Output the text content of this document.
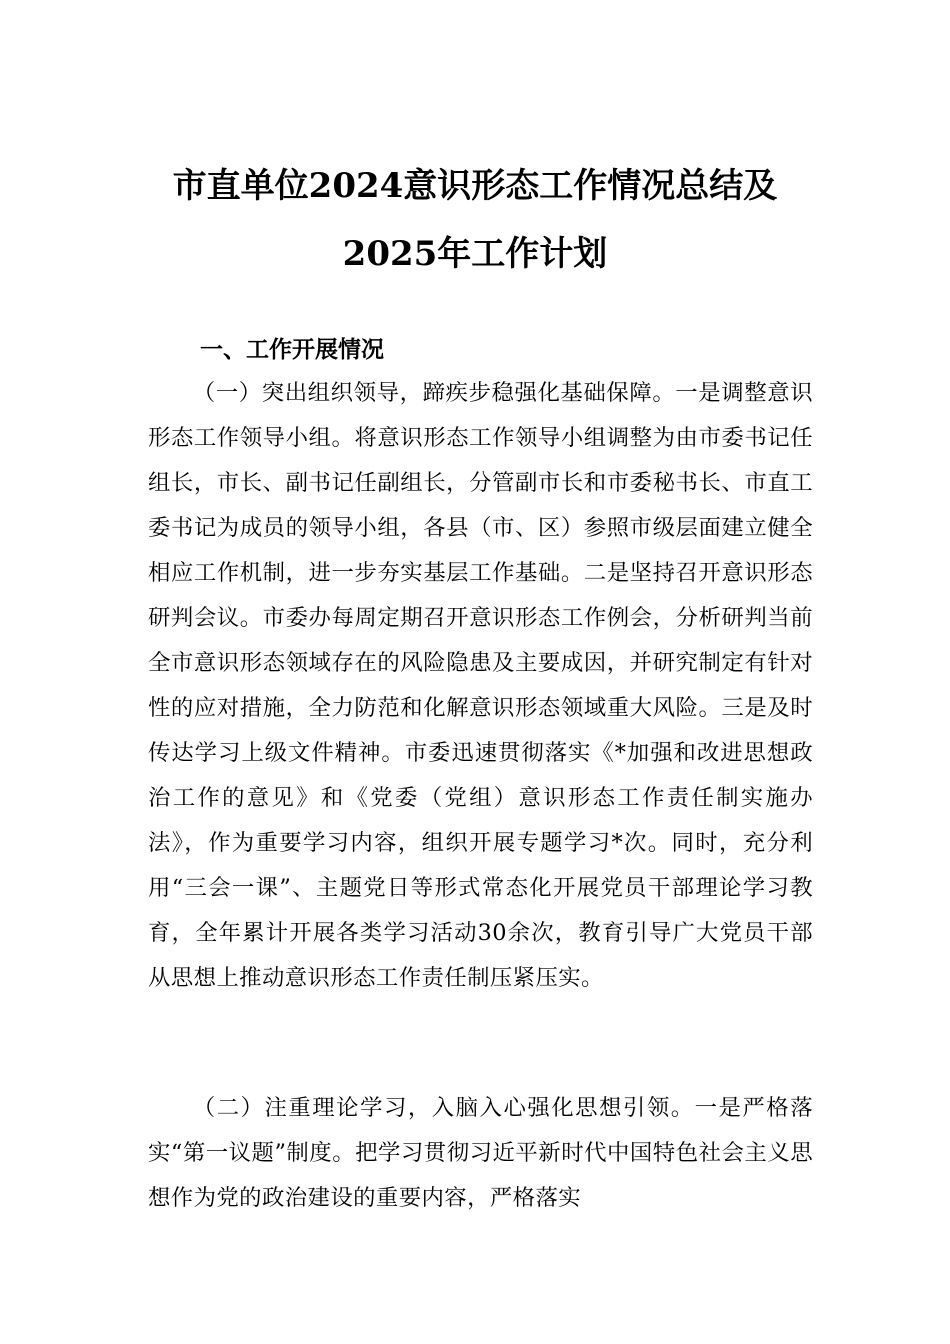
市直单位2024意识形态工作情况总结及
2025年工作计划
一、工作开展情况

（一）突出组织领导，蹄疾步稳强化基础保障。一是调整意识形态工作领导小组。将意识形态工作领导小组调整为由市委书记任组长，市长、副书记任副组长，分管副市长和市委秘书长、市直工委书记为成员的领导小组，各县（市、区）参照市级层面建立健全相应工作机制，进一步夯实基层工作基础。二是坚持召开意识形态研判会议。市委办每周定期召开意识形态工作例会，分析研判当前全市意识形态领域存在的风险隐患及主要成因，并研究制定有针对性的应对措施，全力防范和化解意识形态领域重大风险。三是及时传达学习上级文件精神。市委迅速贯彻落实《*加强和改进思想政治工作的意见》和《党委（党组）意识形态工作责任制实施办法》，作为重要学习内容，组织开展专题学习*次。同时，充分利用“三会一课”、主题党日等形式常态化开展党员干部理论学习教育，全年累计开展各类学习活动30余次，教育引导广大党员干部从思想上推动意识形态工作责任制压紧压实。

（二）注重理论学习，入脑入心强化思想引领。一是严格落实“第一议题”制度。把学习贯彻习近平新时代中国特色社会主义思想作为党的政治建设的重要内容，严格落实
